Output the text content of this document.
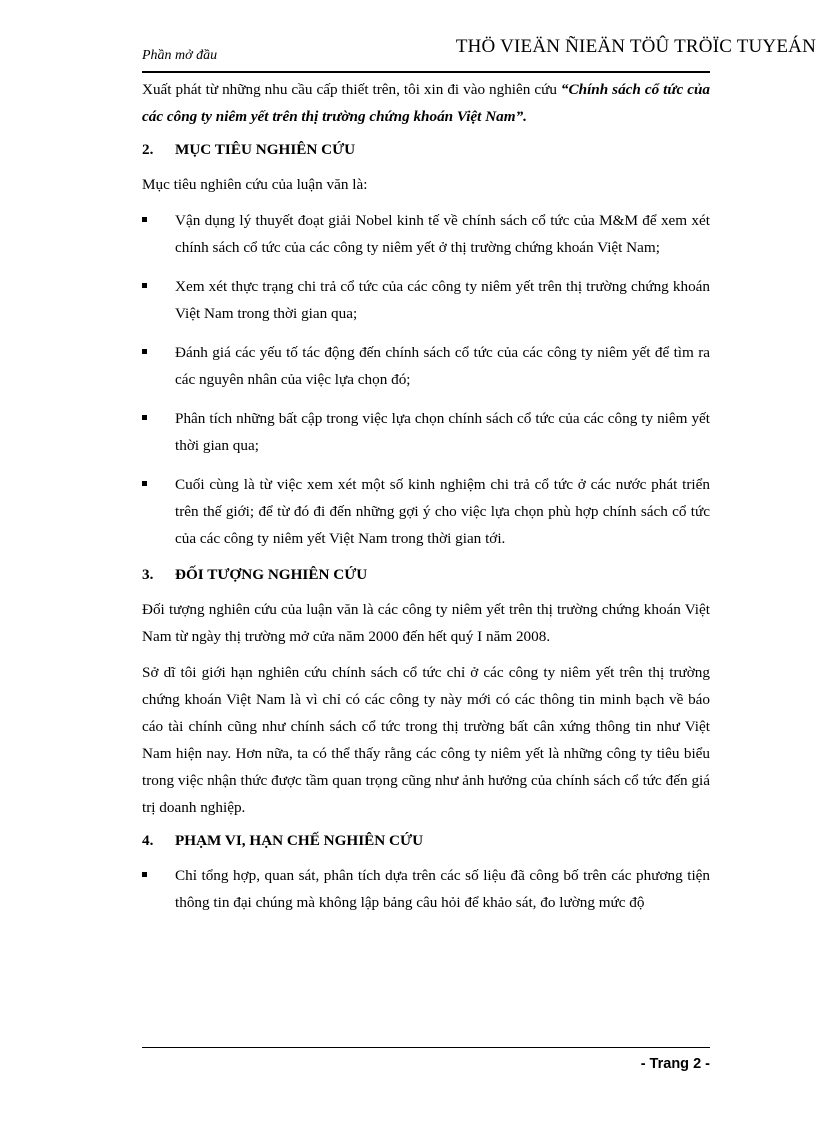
Phần mở đầu	THÖ VIEÄN ÑIEÄN TÖÛ TRÖÏC TUYEÁN

Xuất phát từ những nhu cầu cấp thiết trên, tôi xin đi vào nghiên cứu “Chính sách cổ tức của các công ty niêm yết trên thị trường chứng khoán Việt Nam”.

2.	MỤC TIÊU NGHIÊN CỨU

Mục tiêu nghiên cứu của luận văn là:

Vận dụng lý thuyết đoạt giải Nobel kinh tế về chính sách cổ tức của M&M để xem xét chính sách cổ tức của các công ty niêm yết ở thị trường chứng khoán Việt Nam;
Xem xét thực trạng chi trả cổ tức của các công ty niêm yết trên thị trường chứng khoán Việt Nam trong thời gian qua;
Đánh giá các yếu tố tác động đến chính sách cổ tức của các công ty niêm yết để tìm ra các nguyên nhân của việc lựa chọn đó;
Phân tích những bất cập trong việc lựa chọn chính sách cổ tức của các công ty niêm yết thời gian qua;
Cuối cùng là từ việc xem xét một số kinh nghiệm chi trả cổ tức ở các nước phát triển trên thế giới; để từ đó đi đến những gợi ý cho việc lựa chọn phù hợp chính sách cổ tức của các công ty niêm yết Việt Nam trong thời gian tới.
3.	ĐỐI TƯỢNG NGHIÊN CỨU

Đối tượng nghiên cứu của luận văn là các công ty niêm yết trên thị trường chứng khoán Việt Nam từ ngày thị trường mở cửa năm 2000 đến hết quý I năm 2008.

Sở dĩ tôi giới hạn nghiên cứu chính sách cổ tức chỉ ở các công ty niêm yết trên thị trường chứng khoán Việt Nam là vì chỉ có các công ty này mới có các thông tin minh bạch về báo cáo tài chính cũng như chính sách cổ tức trong thị trường bất cân xứng thông tin như Việt Nam hiện nay. Hơn nữa, ta có thể thấy rằng các công ty niêm yết là những công ty tiêu biểu trong việc nhận thức được tầm quan trọng cũng như ảnh hưởng của chính sách cổ tức đến giá trị doanh nghiệp.

4.	PHẠM VI, HẠN CHẾ NGHIÊN CỨU
Chỉ tổng hợp, quan sát, phân tích dựa trên các số liệu đã công bố trên các phương tiện thông tin đại chúng mà không lập bảng câu hỏi để khảo sát, đo lường mức độ
- Trang 2 -
